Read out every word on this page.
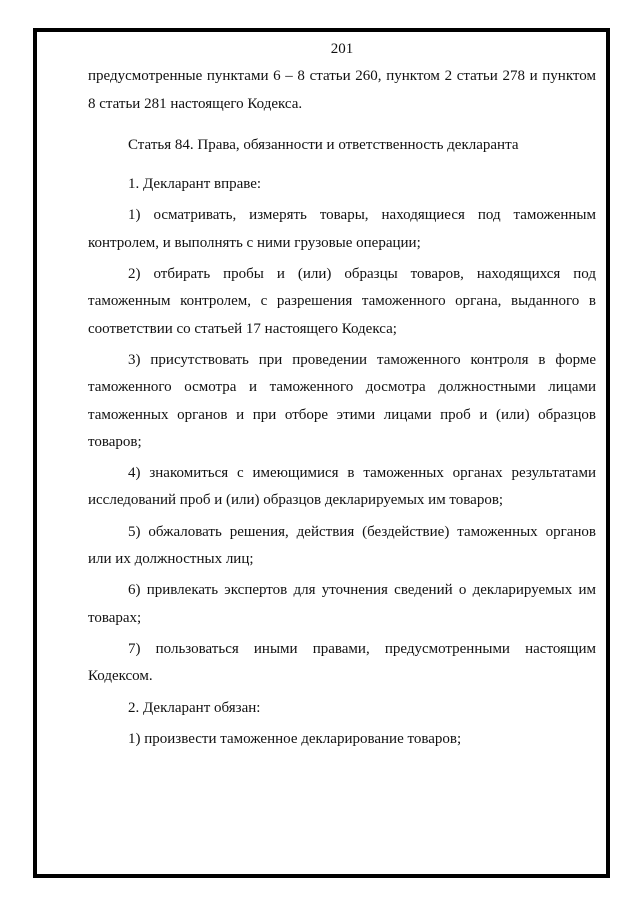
201

предусмотренные пунктами 6 – 8 статьи 260, пунктом 2 статьи 278 и пунктом 8 статьи 281 настоящего Кодекса.

Статья 84. Права, обязанности и ответственность декларанта

1. Декларант вправе:

1) осматривать, измерять товары, находящиеся под таможенным контролем, и выполнять с ними грузовые операции;

2) отбирать пробы и (или) образцы товаров, находящихся под таможенным контролем, с разрешения таможенного органа, выданного в соответствии со статьей 17 настоящего Кодекса;

3) присутствовать при проведении таможенного контроля в форме таможенного осмотра и таможенного досмотра должностными лицами таможенных органов и при отборе этими лицами проб и (или) образцов товаров;

4) знакомиться с имеющимися в таможенных органах результатами исследований проб и (или) образцов декларируемых им товаров;

5) обжаловать решения, действия (бездействие) таможенных органов или их должностных лиц;

6) привлекать экспертов для уточнения сведений о декларируемых им товарах;

7) пользоваться иными правами, предусмотренными настоящим Кодексом.

2. Декларант обязан:

1) произвести таможенное декларирование товаров;
